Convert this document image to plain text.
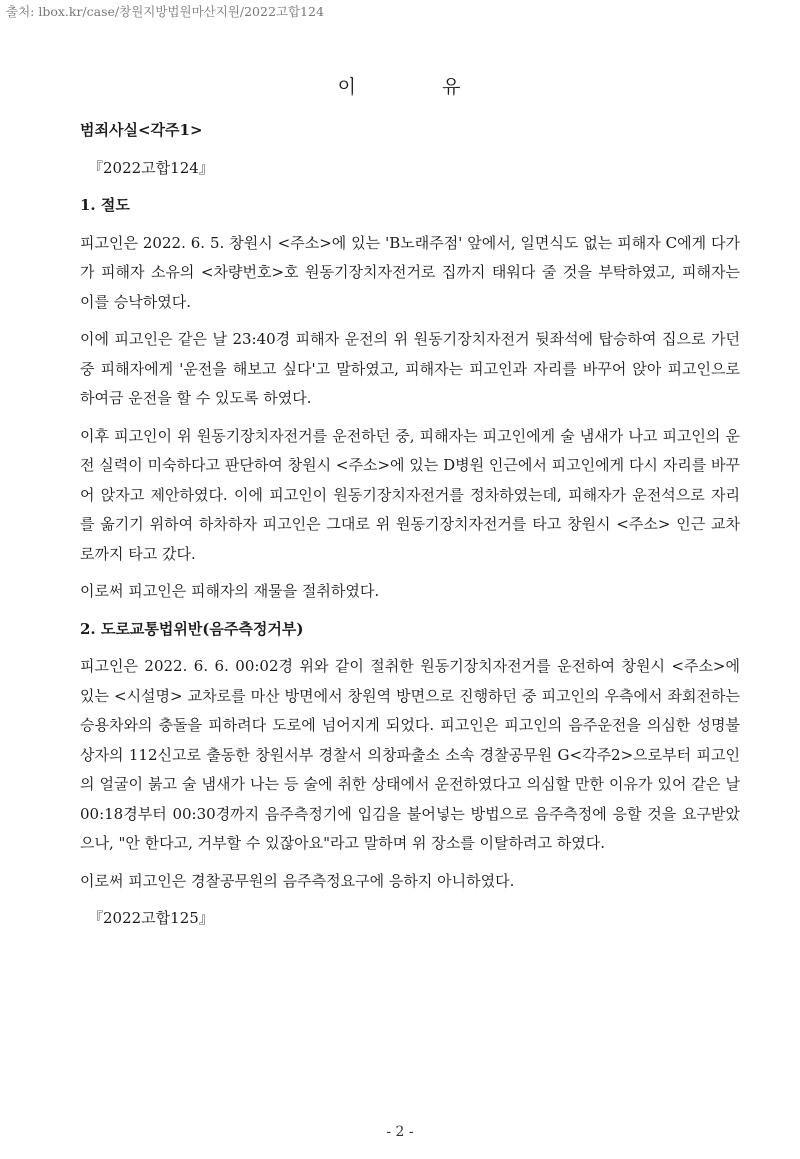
출처: lbox.kr/case/창원지방법원마산지원/2022고합124
이	유
범죄사실<각주1>
『2022고합124』
1. 절도
피고인은 2022. 6. 5. 창원시 <주소>에 있는 'B노래주점' 앞에서, 일면식도 없는 피해자 C에게 다가가 피해자 소유의 <차량번호>호 원동기장치자전거로 집까지 태워다 줄 것을 부탁하였고, 피해자는 이를 승낙하였다.
이에 피고인은 같은 날 23:40경 피해자 운전의 위 원동기장치자전거 뒷좌석에 탑승하여 집으로 가던 중 피해자에게 '운전을 해보고 싶다'고 말하였고, 피해자는 피고인과 자리를 바꾸어 앉아 피고인으로 하여금 운전을 할 수 있도록 하였다.
이후 피고인이 위 원동기장치자전거를 운전하던 중, 피해자는 피고인에게 술 냄새가 나고 피고인의 운전 실력이 미숙하다고 판단하여 창원시 <주소>에 있는 D병원 인근에서 피고인에게 다시 자리를 바꾸어 앉자고 제안하였다. 이에 피고인이 원동기장치자전거를 정차하였는데, 피해자가 운전석으로 자리를 옮기기 위하여 하차하자 피고인은 그대로 위 원동기장치자전거를 타고 창원시 <주소> 인근 교차로까지 타고 갔다.
이로써 피고인은 피해자의 재물을 절취하였다.
2. 도로교통법위반(음주측정거부)
피고인은 2022. 6. 6. 00:02경 위와 같이 절취한 원동기장치자전거를 운전하여 창원시 <주소>에 있는 <시설명> 교차로를 마산 방면에서 창원역 방면으로 진행하던 중 피고인의 우측에서 좌회전하는 승용차와의 충돌을 피하려다 도로에 넘어지게 되었다. 피고인은 피고인의 음주운전을 의심한 성명불상자의 112신고로 출동한 창원서부 경찰서 의창파출소 소속 경찰공무원 G<각주2>으로부터 피고인의 얼굴이 붉고 술 냄새가 나는 등 술에 취한 상태에서 운전하였다고 의심할 만한 이유가 있어 같은 날 00:18경부터 00:30경까지 음주측정기에 입김을 불어넣는 방법으로 음주측정에 응할 것을 요구받았으나, "안 한다고, 거부할 수 있잖아요"라고 말하며 위 장소를 이탈하려고 하였다.
이로써 피고인은 경찰공무원의 음주측정요구에 응하지 아니하였다.
『2022고합125』
- 2 -
